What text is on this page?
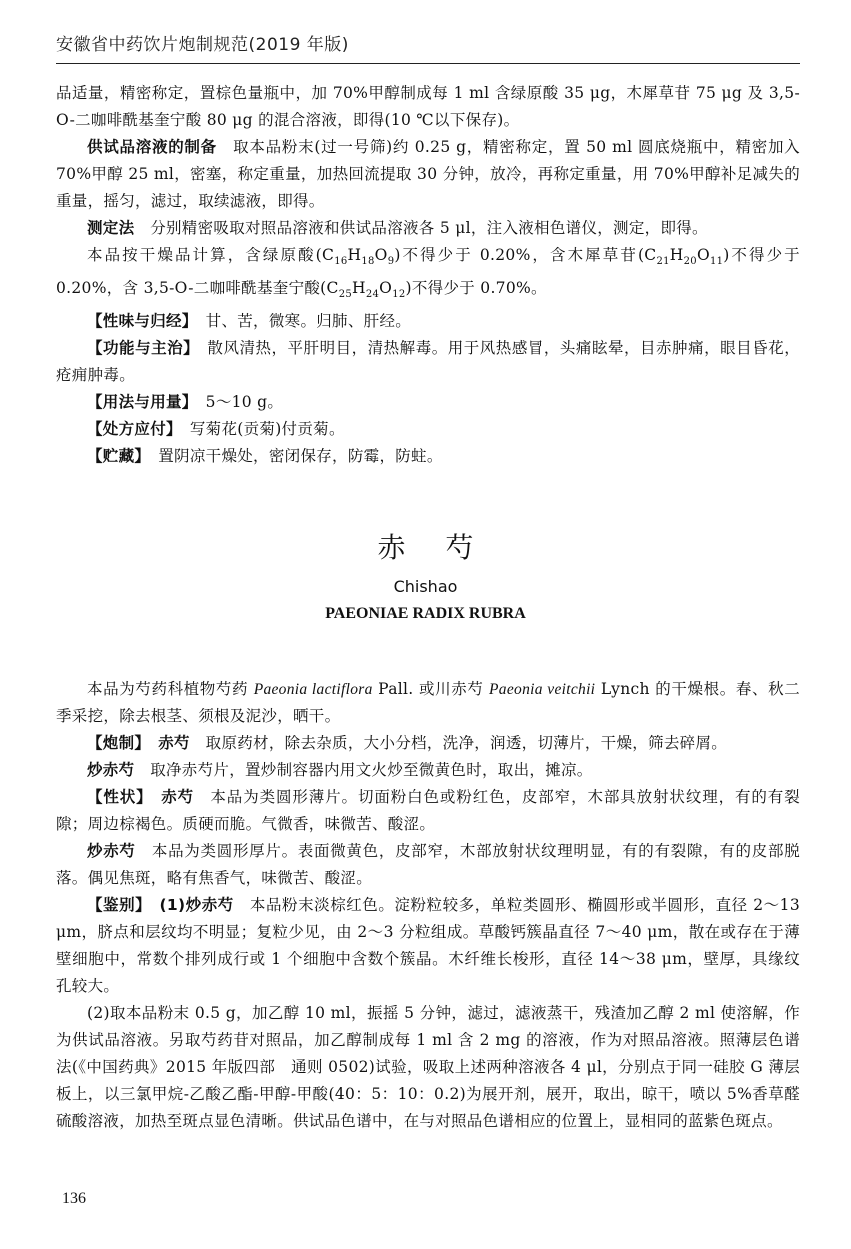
安徽省中药饮片炮制规范(2019 年版)

品适量，精密称定，置棕色量瓶中，加 70%甲醇制成每 1 ml 含绿原酸 35 μg，木犀草苷 75 μg 及 3,5-O-二咖啡酰基奎宁酸 80 μg 的混合溶液，即得(10 ℃以下保存)。

供试品溶液的制备　取本品粉末(过一号筛)约 0.25 g，精密称定，置 50 ml 圆底烧瓶中，精密加入 70%甲醇 25 ml，密塞，称定重量，加热回流提取 30 分钟，放冷，再称定重量，用 70%甲醇补足减失的重量，摇匀，滤过，取续滤液，即得。

测定法　分别精密吸取对照品溶液和供试品溶液各 5 μl，注入液相色谱仪，测定，即得。

本品按干燥品计算，含绿原酸$(C_{16}H_{18}O_9)$不得少于 0.20%，含木犀草苷$(C_{21}H_{20}O_{11})$不得少于 0.20%，含 3,5-O-二咖啡酰基奎宁酸$(C_{25}H_{24}O_{12})$不得少于 0.70%。

【性味与归经】　甘、苦，微寒。归肺、肝经。

【功能与主治】　散风清热，平肝明目，清热解毒。用于风热感冒，头痛眩晕，目赤肿痛，眼目昏花，疮痈肿毒。

【用法与用量】　5～10 g。

【处方应付】　写菊花(贡菊)付贡菊。

【贮藏】　置阴凉干燥处，密闭保存，防霉，防蛀。

赤芍
Chishao
PAEONIAE RADIX RUBRA

本品为芍药科植物芍药 Paeonia lactiflora Pall. 或川赤芍 Paeonia veitchii Lynch 的干燥根。春、秋二季采挖，除去根茎、须根及泥沙，晒干。

【炮制】　赤芍　取原药材，除去杂质，大小分档，洗净，润透，切薄片，干燥，筛去碎屑。

炒赤芍　取净赤芍片，置炒制容器内用文火炒至微黄色时，取出，摊凉。

【性状】　赤芍　本品为类圆形薄片。切面粉白色或粉红色，皮部窄，木部具放射状纹理，有的有裂隙；周边棕褐色。质硬而脆。气微香，味微苦、酸涩。

炒赤芍　本品为类圆形厚片。表面微黄色，皮部窄，木部放射状纹理明显，有的有裂隙，有的皮部脱落。偶见焦斑，略有焦香气，味微苦、酸涩。

【鉴别】　(1)炒赤芍　本品粉末淡棕红色。淀粉粒较多，单粒类圆形、椭圆形或半圆形，直径 2～13 μm，脐点和层纹均不明显；复粒少见，由 2～3 分粒组成。草酸钙簇晶直径 7～40 μm，散在或存在于薄壁细胞中，常数个排列成行或 1 个细胞中含数个簇晶。木纤维长梭形，直径 14～38 μm，壁厚，具缘纹孔较大。

(2)取本品粉末 0.5 g，加乙醇 10 ml，振摇 5 分钟，滤过，滤液蒸干，残渣加乙醇 2 ml 使溶解，作为供试品溶液。另取芍药苷对照品，加乙醇制成每 1 ml 含 2 mg 的溶液，作为对照品溶液。照薄层色谱法(《中国药典》2015 年版四部　通则 0502)试验，吸取上述两种溶液各 4 μl，分别点于同一硅胶 G 薄层板上，以三氯甲烷-乙酸乙酯-甲醇-甲酸(40：5：10：0.2)为展开剂，展开，取出，晾干，喷以 5%香草醛硫酸溶液，加热至斑点显色清晰。供试品色谱中，在与对照品色谱相应的位置上，显相同的蓝紫色斑点。

136
